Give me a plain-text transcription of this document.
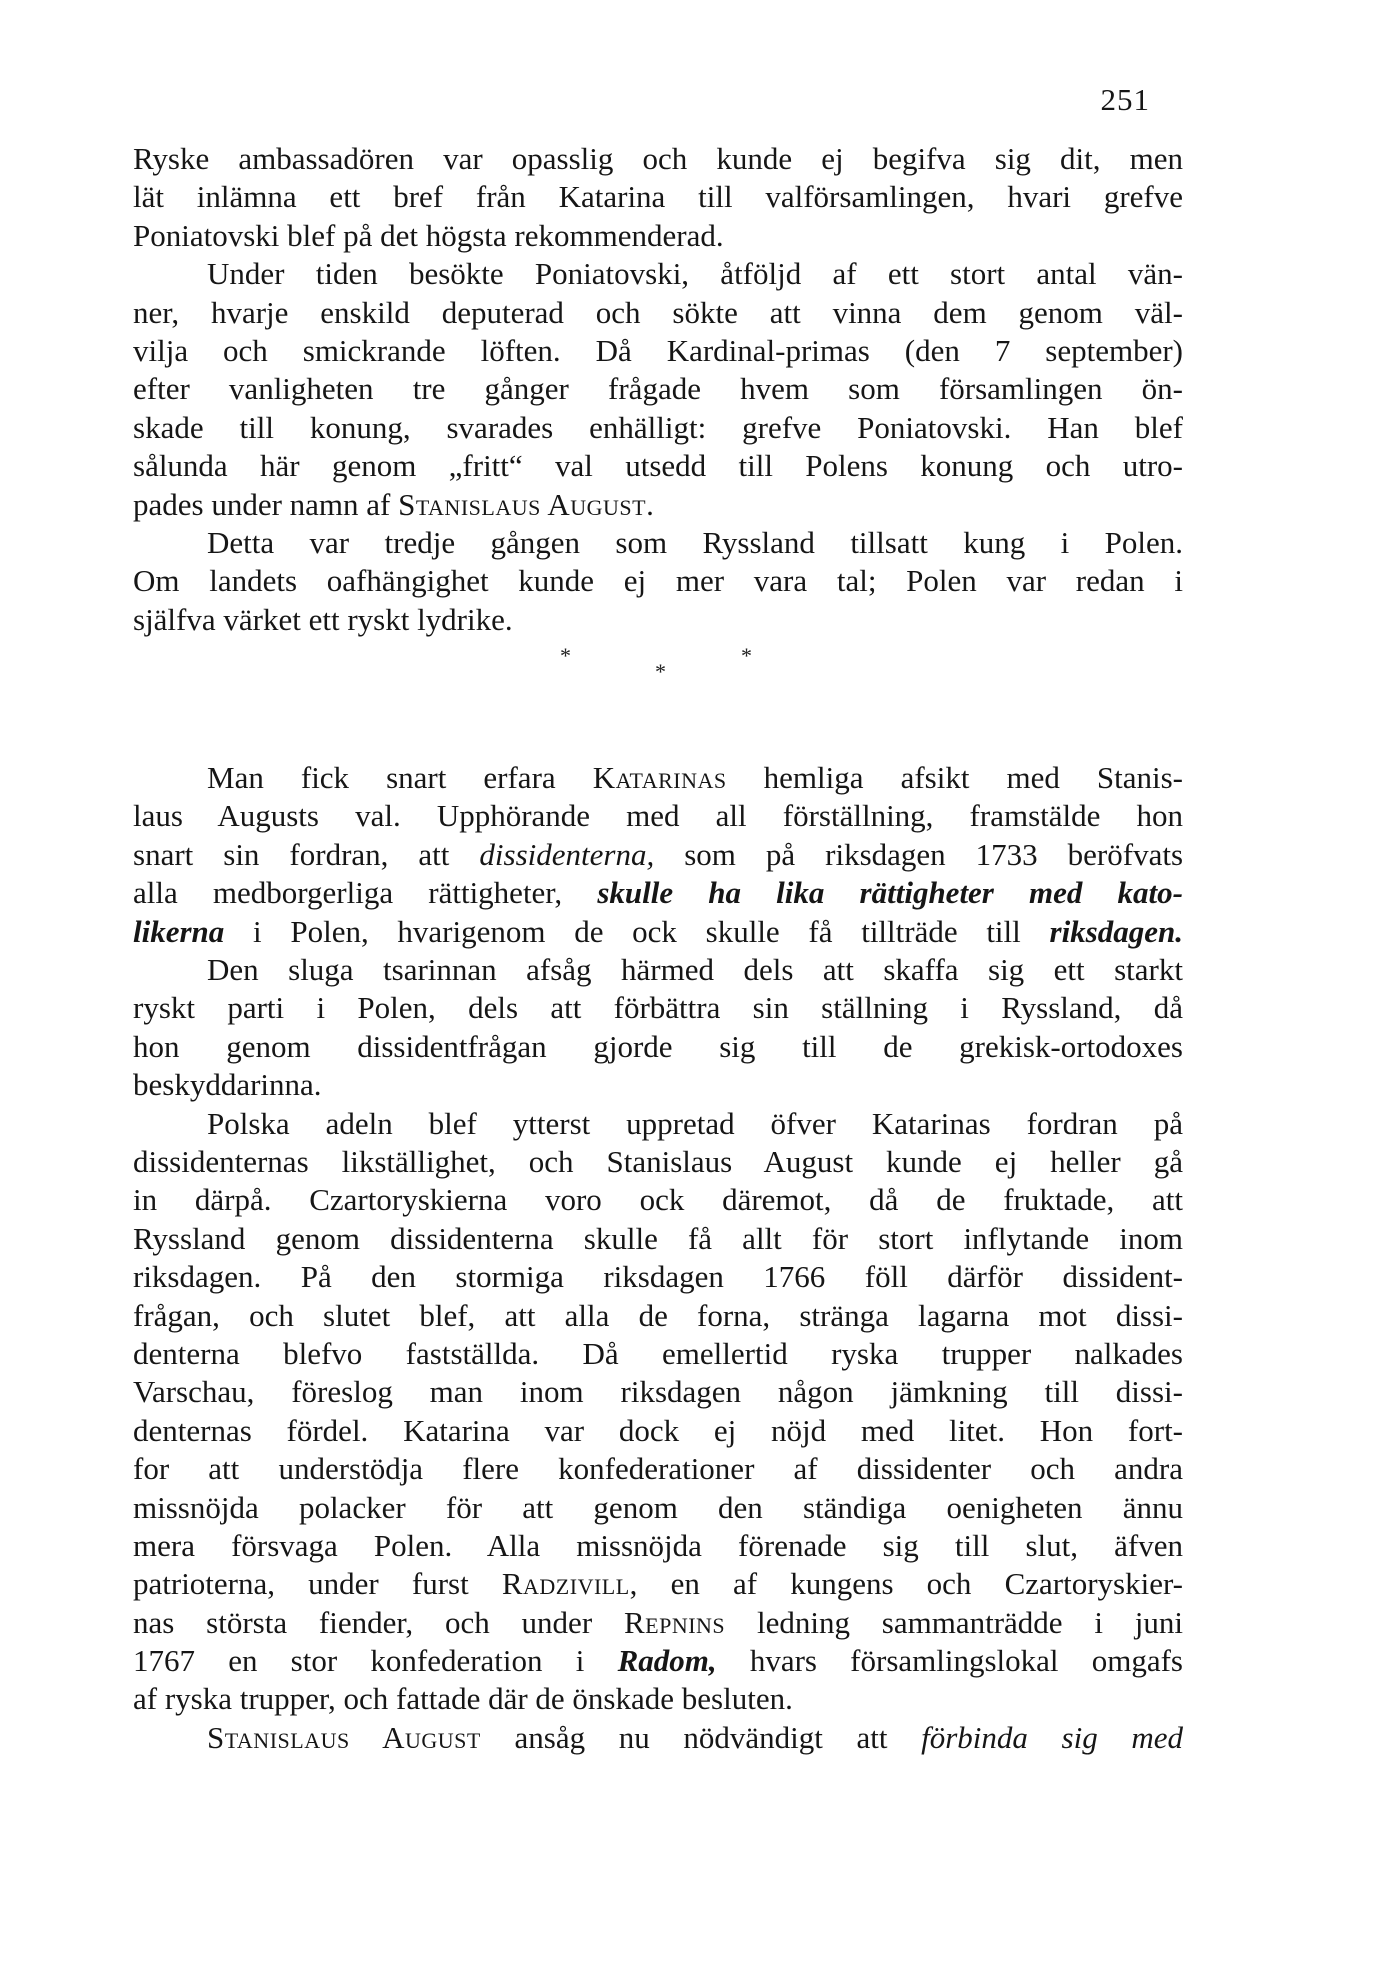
251
Ryske ambassadören var opasslig och kunde ej begifva sig dit, men
lät inlämna ett bref från Katarina till valförsamlingen, hvari grefve
Poniatovski blef på det högsta rekommenderad.
Under tiden besökte Poniatovski, åtföljd af ett stort antal vän-
ner, hvarje enskild deputerad och sökte att vinna dem genom väl-
vilja och smickrande löften. Då Kardinal-primas (den 7 september)
efter vanligheten tre gånger frågade hvem som församlingen ön-
skade till konung, svarades enhälligt: grefve Poniatovski. Han blef
sålunda här genom „fritt“ val utsedd till Polens konung och utro-
pades under namn af Stanislaus August.
Detta var tredje gången som Ryssland tillsatt kung i Polen.
Om landets oafhängighet kunde ej mer vara tal; Polen var redan i
själfva värket ett ryskt lydrike.
*
*
*
Man fick snart erfara Katarinas hemliga afsikt med Stanis-
laus Augusts val. Upphörande med all förställning, framstälde hon
snart sin fordran, att dissidenterna, som på riksdagen 1733 beröfvats
alla medborgerliga rättigheter, skulle ha lika rättigheter med kato-
likerna i Polen, hvarigenom de ock skulle få tillträde till riksdagen.
Den sluga tsarinnan afsåg härmed dels att skaffa sig ett starkt
ryskt parti i Polen, dels att förbättra sin ställning i Ryssland, då
hon genom dissidentfrågan gjorde sig till de grekisk-ortodoxes
beskyddarinna.
Polska adeln blef ytterst uppretad öfver Katarinas fordran på
dissidenternas likställighet, och Stanislaus August kunde ej heller gå
in därpå. Czartoryskierna voro ock däremot, då de fruktade, att
Ryssland genom dissidenterna skulle få allt för stort inflytande inom
riksdagen. På den stormiga riksdagen 1766 föll därför dissident-
frågan, och slutet blef, att alla de forna, stränga lagarna mot dissi-
denterna blefvo fastställda. Då emellertid ryska trupper nalkades
Varschau, föreslog man inom riksdagen någon jämkning till dissi-
denternas fördel. Katarina var dock ej nöjd med litet. Hon fort-
for att understödja flere konfederationer af dissidenter och andra
missnöjda polacker för att genom den ständiga oenigheten ännu
mera försvaga Polen. Alla missnöjda förenade sig till slut, äfven
patrioterna, under furst Radzivill, en af kungens och Czartoryskier-
nas största fiender, och under Repnins ledning sammanträdde i juni
1767 en stor konfederation i Radom, hvars församlingslokal omgafs
af ryska trupper, och fattade där de önskade besluten.
Stanislaus August ansåg nu nödvändigt att förbinda sig med
